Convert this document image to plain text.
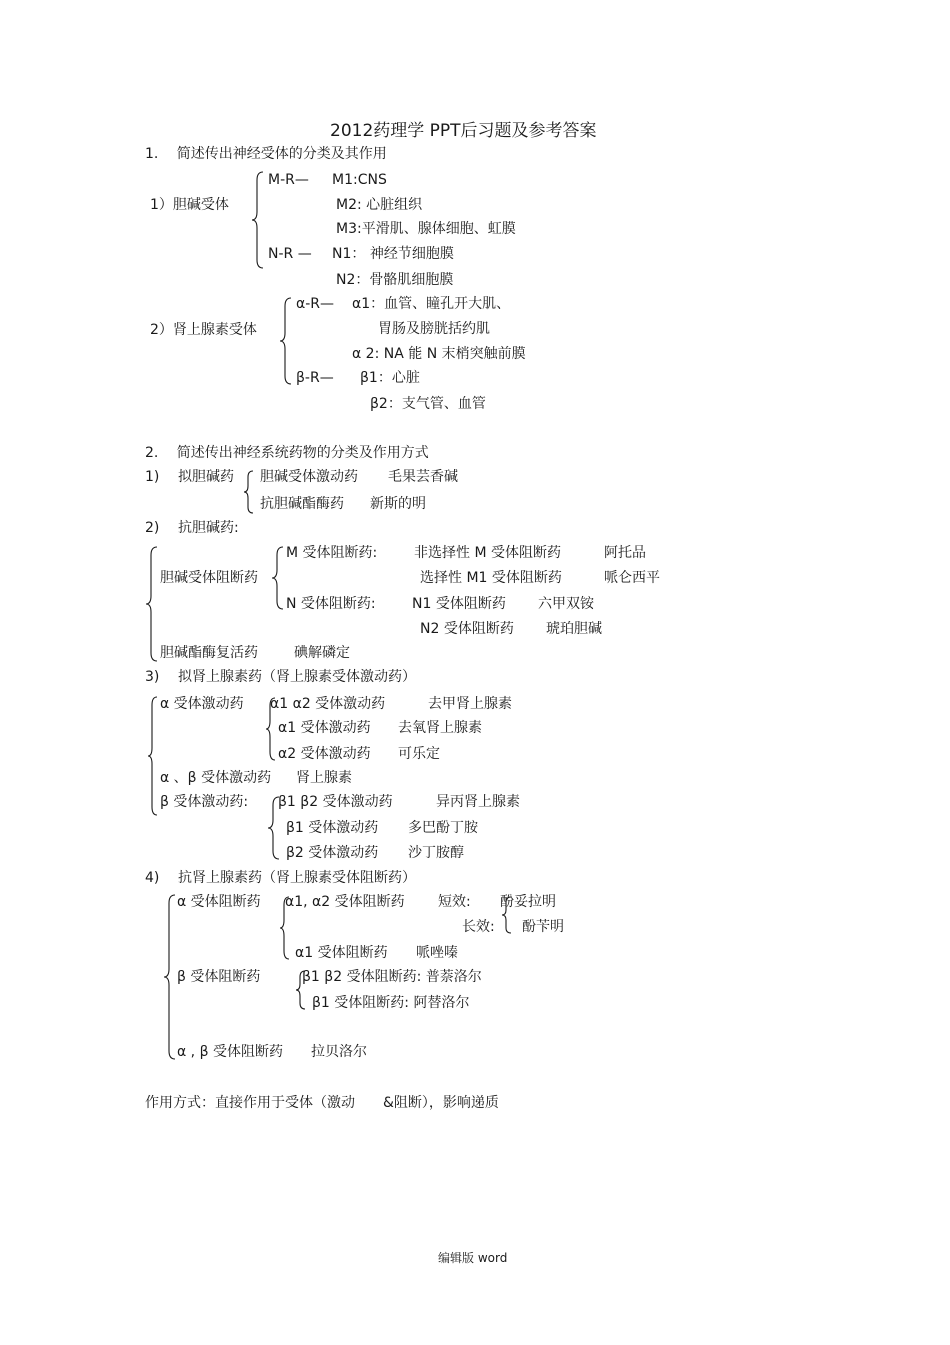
2012药理学 PPT后习题及参考答案
1.　 简述传出神经受体的分类及其作用
1）胆碱受体
M-R— M1:CNS
M2: 心脏组织
M3:平滑肌、腺体细胞、虹膜
N-R — N1： 神经节细胞膜
N2：骨骼肌细胞膜
2）肾上腺素受体
α-R— α1：血管、瞳孔开大肌、
胃肠及膀胱括约肌
α 2: NA 能 N 末梢突触前膜
β-R— β1：心脏
β2：支气管、血管
2.　 简述传出神经系统药物的分类及作用方式
1) 拟胆碱药 胆碱受体激动药 毛果芸香碱
抗胆碱酯酶药 新斯的明
2) 抗胆碱药:
胆碱受体阻断药
M 受体阻断药:	非选择性 M 受体阻断药	阿托品
选择性 M1 受体阻断药	哌仑西平
N 受体阻断药:	N1 受体阻断药 六甲双铵
N2 受体阻断药 琥珀胆碱
胆碱酯酶复活药	碘解磷定
3) 拟肾上腺素药（肾上腺素受体激动药）
α 受体激动药 α1 α2 受体激动药	去甲肾上腺素
α1 受体激动药 去氧肾上腺素
α2 受体激动药 可乐定
α 、β 受体激动药 肾上腺素
β 受体激动药: β1 β2 受体激动药	异丙肾上腺素
β1 受体激动药 多巴酚丁胺
β2 受体激动药 沙丁胺醇
4) 抗肾上腺素药（肾上腺素受体阻断药）
α 受体阻断药 α1, α2 受体阻断药 短效: 酚妥拉明
长效: 酚苄明
α1 受体阻断药 哌唑嗪
β 受体阻断药	β1 β2 受体阻断药: 普萘洛尔
β1 受体阻断药: 阿替洛尔
α , β 受体阻断药 拉贝洛尔
作用方式：直接作用于受体（激动　　&阻断），影响递质
编辑版 word
